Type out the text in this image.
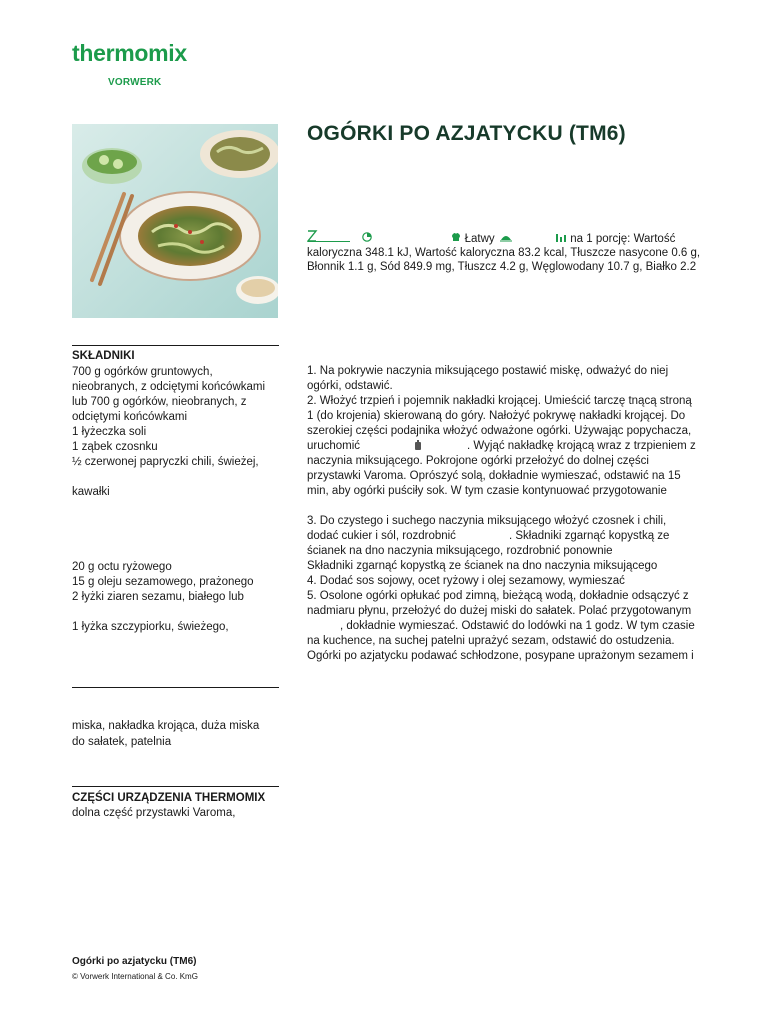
thermomix
VORWERK
OGÓRKI PO AZJATYCKU (TM6)
Łatwy	na 1 porcję: Wartość kaloryczna 348.1 kJ, Wartość kaloryczna 83.2 kcal, Tłuszcze nasycone 0.6 g, Błonnik 1.1 g, Sód 849.9 mg, Tłuszcz 4.2 g, Węglowodany 10.7 g, Białko 2.2
SKŁADNIKI
700 g ogórków gruntowych,
nieobranych, z odciętymi końcówkami
lub 700 g ogórków, nieobranych, z
odciętymi końcówkami
1 łyżeczka soli
1 ząbek czosnku
½ czerwonej papryczki chili, świeżej,
kawałki
20 g octu ryżowego
15 g oleju sezamowego, prażonego
2 łyżki ziaren sezamu, białego lub
1 łyżka szczypiorku, świeżego,
miska, nakładka krojąca, duża miska
do sałatek, patelnia
CZĘŚCI URZĄDZENIA THERMOMIX
dolna część przystawki Varoma,
1. Na pokrywie naczynia miksującego postawić miskę, odważyć do niej
ogórki, odstawić.
2. Włożyć trzpień i pojemnik nakładki krojącej. Umieścić tarczę tnącą stroną
1 (do krojenia) skierowaną do góry. Nałożyć pokrywę nakładki krojącej. Do
szerokiej części podajnika włożyć odważone ogórki. Używając popychacza,
uruchomić	. Wyjąć nakładkę krojącą wraz z trzpieniem z
naczynia miksującego. Pokrojone ogórki przełożyć do dolnej części
przystawki Varoma. Oprószyć solą, dokładnie wymieszać, odstawić na 15
min, aby ogórki puściły sok. W tym czasie kontynuować przygotowanie
3. Do czystego i suchego naczynia miksującego włożyć czosnek i chili,
dodać cukier i sól, rozdrobnić	. Składniki zgarnąć kopystką ze
ścianek na dno naczynia miksującego, rozdrobnić ponownie
Składniki zgarnąć kopystką ze ścianek na dno naczynia miksującego
4. Dodać sos sojowy, ocet ryżowy i olej sezamowy, wymieszać
5. Osolone ogórki opłukać pod zimną, bieżącą wodą, dokładnie odsączyć z
nadmiaru płynu, przełożyć do dużej miski do sałatek. Polać przygotowanym
, dokładnie wymieszać. Odstawić do lodówki na 1 godz. W tym czasie
na kuchence, na suchej patelni uprażyć sezam, odstawić do ostudzenia.
Ogórki po azjatycku podawać schłodzone, posypane uprażonym sezamem i
Ogórki po azjatycku (TM6)
© Vorwerk International & Co. KmG
